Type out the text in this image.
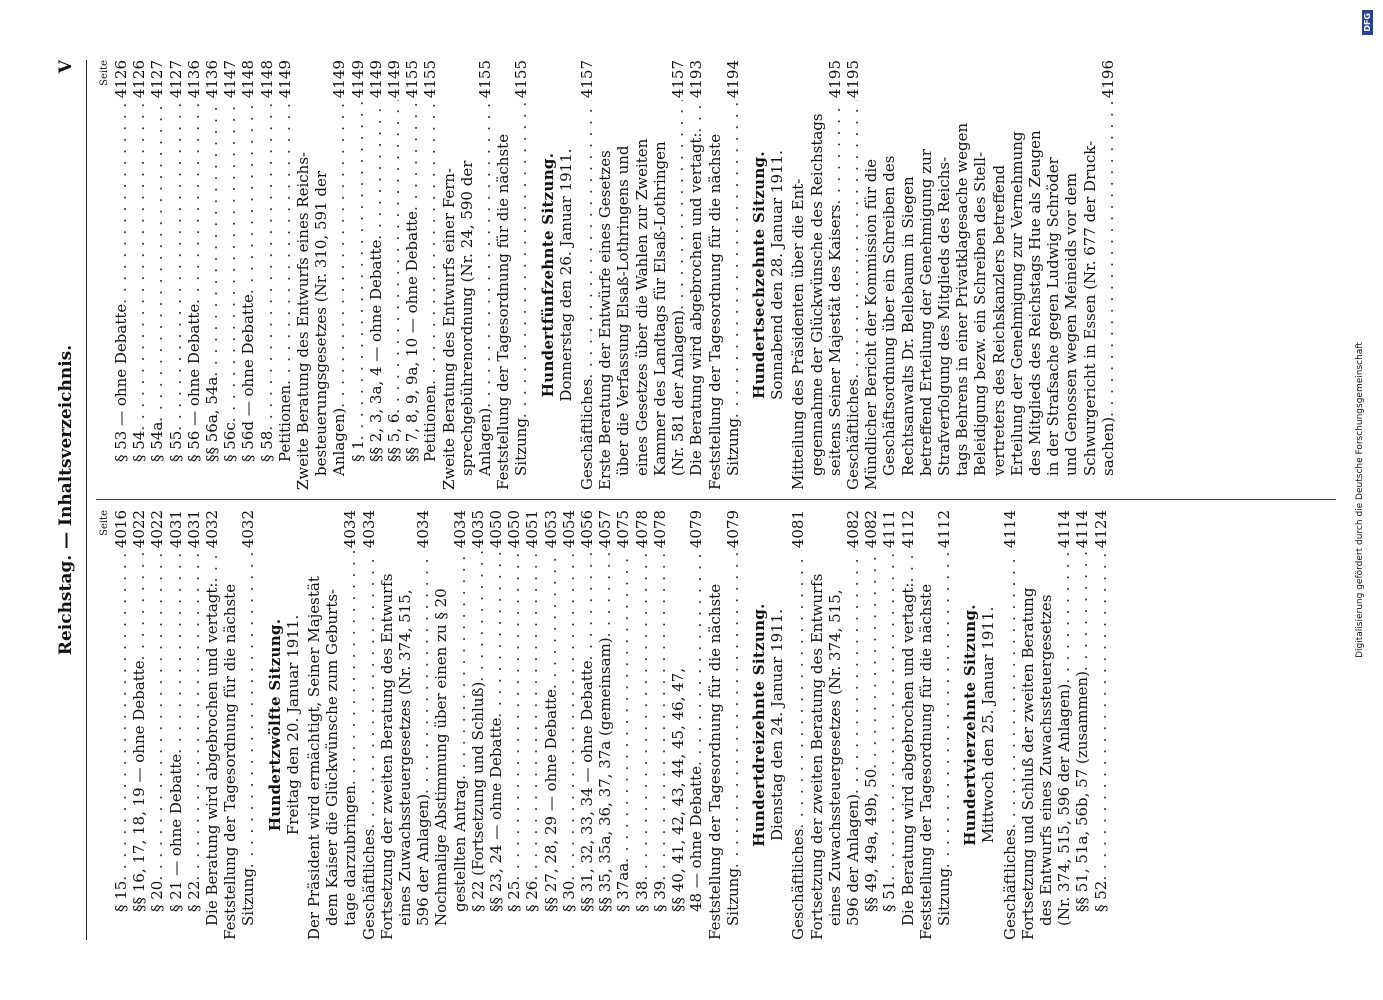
Reichstag. — Inhaltsverzeichnis.
V
Seite
§ 15
. . .
4016
§§ 16, 17, 18, 19 — ohne Debatte
. . .
4022
§ 20
. . .
4022
§ 21 — ohne Debatte
. . .
4031
§ 22
. . .
4031
Die Beratung wird abgebrochen und vertagt:
. . .
4032
Feststellung der Tagesordnung für die nächste Sitzung
. . .
4032
Hundertzwölfte Sitzung. Freitag den 20. Januar 1911. Der Präsident wird ermächtigt, Seiner Majestät dem Kaiser die Glückwünsche zum Geburts- tage darzubringen
. . .
4034
Geschäftliches
. . .
4034
Fortsetzung der zweiten Beratung des Entwurfs eines Zuwachssteuergesetzes (Nr. 374, 515, 596 der Anlagen)
. . .
4034
Nochmalige Abstimmung über einen zu § 20 gestellten Antrag
. . .
4034
§ 22 (Fortsetzung und Schluß)
. . .
4035
§§ 23, 24 — ohne Debatte
. . .
4050
§ 25
. . .
4050
§ 26
. . .
4051
§§ 27, 28, 29 — ohne Debatte
. . .
4053
§ 30
. . .
4054
§§ 31, 32, 33, 34 — ohne Debatte
. . .
4056
§§ 35, 35a, 36, 37, 37a (gemeinsam)
. . .
4057
§ 37aa
. . .
4075
§ 38
. . .
4078
§ 39
. . .
4078
§§ 40, 41, 42, 43, 44, 45, 46, 47, 48 — ohne Debatte
. . .
4079
Feststellung der Tagesordnung für die nächste Sitzung
. . .
4079
Hundertdreizehnte Sitzung. Dienstag den 24. Januar 1911.
Geschäftliches
. . .
4081
Fortsetzung der zweiten Beratung des Entwurfs eines Zuwachssteuergesetzes (Nr. 374, 515, 596 der Anlagen)
. . .
4082
§§ 49, 49a, 49b, 50
. . .
4082
§ 51
. . .
4111
Die Beratung wird abgebrochen und vertagt:
. . .
4112
Feststellung der Tagesordnung für die nächste Sitzung
. . .
4112
Hundertvierzehnte Sitzung. Mittwoch den 25. Januar 1911.
Geschäftliches
. . .
4114
Fortsetzung und Schluß der zweiten Beratung des Entwurfs eines Zuwachssteuergesetzes (Nr. 374, 515, 596 der Anlagen)
. . .
4114
§§ 51, 51a, 56b, 57 (zusammen)
. . .
4114
§ 52
. . .
4124
Seite
§ 53 — ohne Debatte
. . .
4126
§ 54
. . .
4126
§ 54a
. . .
4127
§ 55
. . .
4127
§ 56 — ohne Debatte
. . .
4136
§§ 56a, 54a
. . .
4136
§ 56c
. . .
4147
§ 56d — ohne Debatte
. . .
4148
§ 58
. . .
4148
Petitionen
. . .
4149
Zweite Beratung des Entwurfs eines Reichs- besteuerungsgesetzes (Nr. 310, 591 der Anlagen)
. . .
4149
§ 1
. . .
4149
§§ 2, 3, 3a, 4 — ohne Debatte
. . .
4149
§§ 5, 6
. . .
4149
§§ 7, 8, 9, 9a, 10 — ohne Debatte
. . .
4155
Petitionen
. . .
4155
Zweite Beratung des Entwurfs einer Fern- sprechgebührenordnung (Nr. 24, 590 der Anlagen)
. . .
4155
Feststellung der Tagesordnung für die nächste Sitzung
. . .
4155
Hundertfünfzehnte Sitzung. Donnerstag den 26. Januar 1911.
Geschäftliches
. . .
4157
Erste Beratung der Entwürfe eines Gesetzes über die Verfassung Elsaß-Lothringens und eines Gesetzes über die Wahlen zur Zweiten Kammer des Landtags für Elsaß-Lothringen (Nr. 581 der Anlagen)
. . .
4157
Die Beratung wird abgebrochen und vertagt:
. . .
4193
Feststellung der Tagesordnung für die nächste Sitzung
. . .
4194
Hundertsechzehnte Sitzung. Sonnabend den 28. Januar 1911. Mitteilung des Präsidenten über die Ent- gegennahme der Glückwünsche des Reichstags seitens Seiner Majestät des Kaisers
. . .
4195
Geschäftliches
. . .
4195
Mündlicher Bericht der Kommission für die Geschäftsordnung über ein Schreiben des Rechtsanwalts Dr. Bellebaum in Siegen betreffend Erteilung der Genehmigung zur Strafverfolgung des Mitglieds des Reichs- tags Behrens in einer Privatklagesache wegen Beleidigung bezw. ein Schreiben des Stell- vertreters des Reichskanzlers betreffend Erteilung der Genehmigung zur Vernehmung des Mitglieds des Reichstags Hue als Zeugen in der Strafsache gegen Ludwig Schröder und Genossen wegen Meineids vor dem Schwurgericht in Essen (Nr. 677 der Druck- sachen)
. . .
4196
Digitalisierung gefördert durch die Deutsche Forschungsgemeinschaft
DFG
